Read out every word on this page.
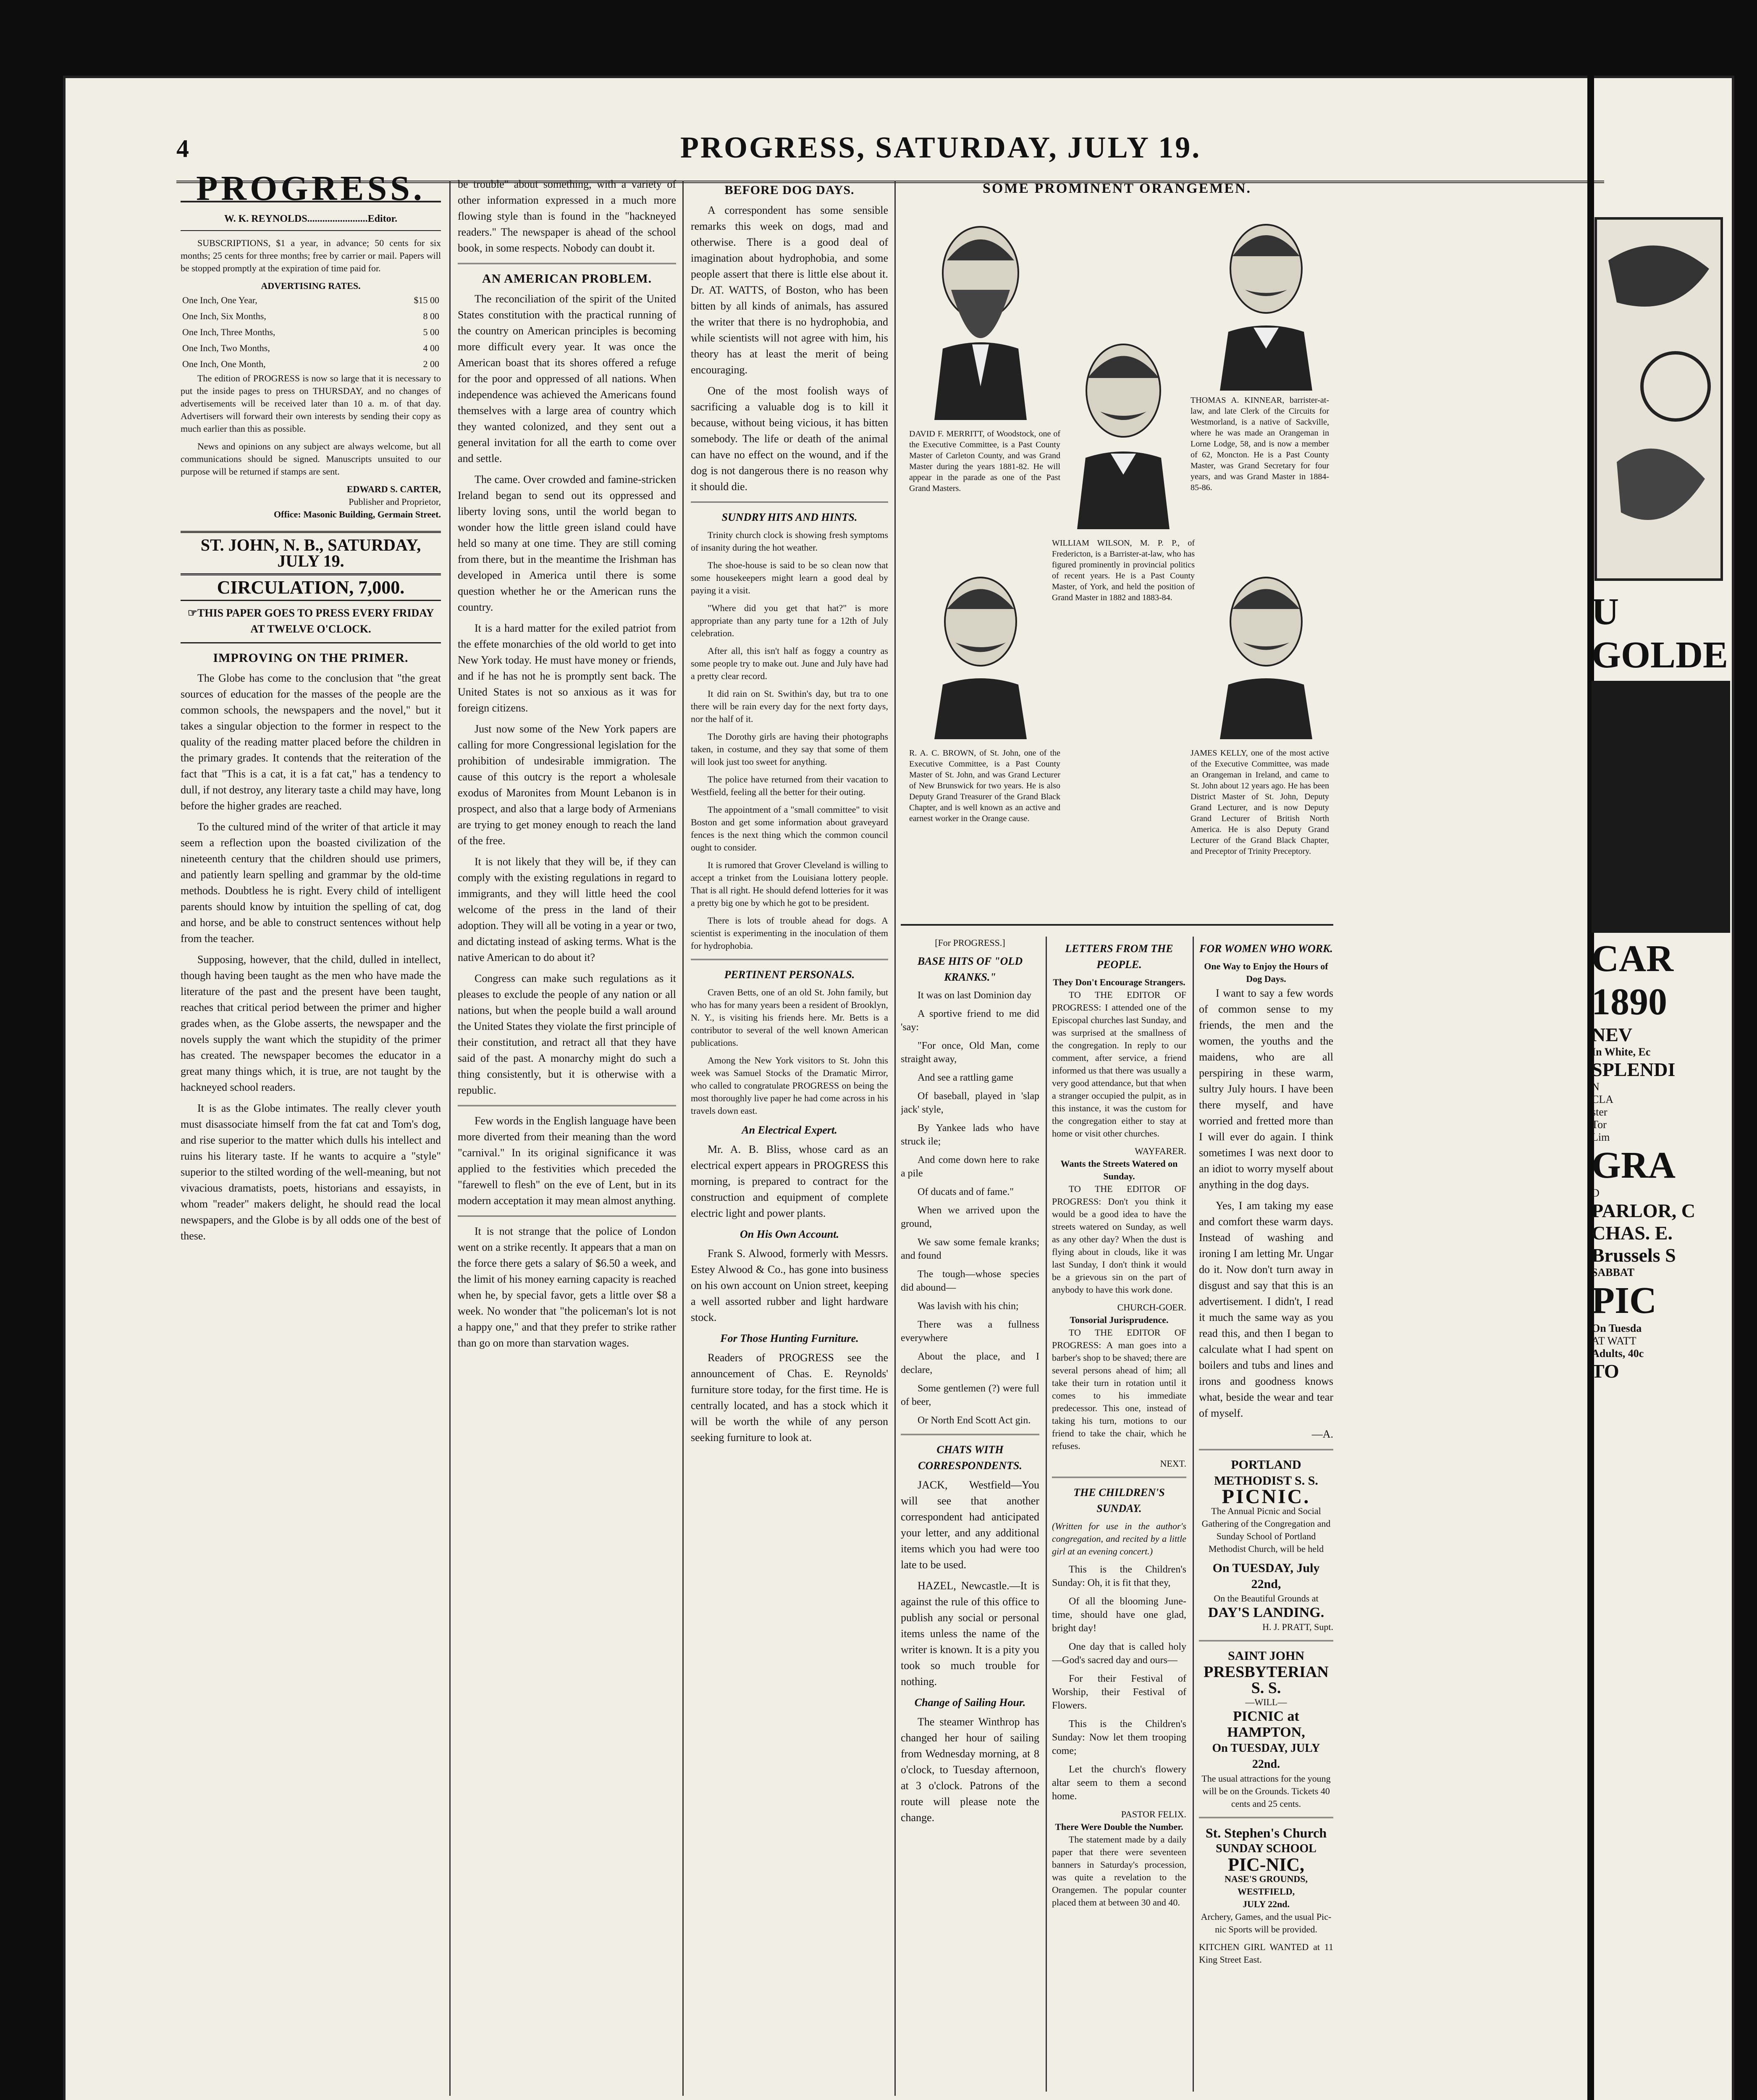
4	PROGRESS, SATURDAY, JULY 19.
PROGRESS.
W. K. REYNOLDS........................Editor.

SUBSCRIPTIONS, $1 a year, in advance; 50 cents for six months; 25 cents for three months; free by carrier or mail. Papers will be stopped promptly at the expiration of time paid for.

ADVERTISING RATES.
One Inch, One Year,	$15 00
One Inch, Six Months,	8 00
One Inch, Three Months,	5 00
One Inch, Two Months,	4 00
One Inch, One Month,	2 00

The edition of PROGRESS is now so large that it is necessary to put the inside pages to press on THURSDAY, and no changes of advertisements will be received later than 10 a. m. of that day. Advertisers will forward their own interests by sending their copy as much earlier than this as possible.

News and opinions on any subject are always welcome, but all communications should be signed. Manuscripts unsuited to our purpose will be returned if stamps are sent.

EDWARD S. CARTER,
Publisher and Proprietor,
Office: Masonic Building, Germain Street.
ST. JOHN, N. B., SATURDAY, JULY 19.
CIRCULATION, 7,000.
☞THIS PAPER GOES TO PRESS EVERY FRIDAY AT TWELVE O'CLOCK.
IMPROVING ON THE PRIMER.

The Globe has come to the conclusion that "the great sources of education for the masses of the people are the common schools, the newspapers and the novel," but it takes a singular objection to the former in respect to the quality of the reading matter placed before the children in the primary grades. It contends that the reiteration of the fact that "This is a cat, it is a fat cat," has a tendency to dull, if not destroy, any literary taste a child may have, long before the higher grades are reached.

To the cultured mind of the writer of that article it may seem a reflection upon the boasted civilization of the nineteenth century that the children should use primers, and patiently learn spelling and grammar by the old-time methods. Doubtless he is right. Every child of intelligent parents should know by intuition the spelling of cat, dog and horse, and be able to construct sentences without help from the teacher.

Supposing, however, that the child, dulled in intellect, though having been taught as the men who have made the literature of the past and the present have been taught, reaches that critical period between the primer and higher grades when, as the Globe asserts, the newspaper and the novels supply the want which the stupidity of the primer has created. The newspaper becomes the educator in a great many things which, it is true, are not taught by the hackneyed school readers.

It is as the Globe intimates. The really clever youth must disassociate himself from the fat cat and Tom's dog, and rise superior to the matter which dulls his intellect and ruins his literary taste. If he wants to acquire a "style" superior to the stilted wording of the well-meaning, but not vivacious dramatists, poets, historians and essayists, in whom "reader" makers delight, he should read the local newspapers, and the Globe is by all odds one of the best of these.

be trouble" about something, with a variety of other information expressed in a much more flowing style than is found in the "hackneyed readers." The newspaper is ahead of the school book, in some respects. Nobody can doubt it.

AN AMERICAN PROBLEM.

The reconciliation of the spirit of the United States constitution with the practical running of the country on American principles is becoming more difficult every year. It was once the American boast that its shores offered a refuge for the poor and oppressed of all nations. When independence was achieved the Americans found themselves with a large area of country which they wanted colonized, and they sent out a general invitation for all the earth to come over and settle.

The came. Over crowded and famine-stricken Ireland began to send out its oppressed and liberty loving sons, until the world began to wonder how the little green island could have held so many at one time. They are still coming from there, but in the meantime the Irishman has developed in America until there is some question whether he or the American runs the country.

It is a hard matter for the exiled patriot from the effete monarchies of the old world to get into New York today. He must have money or friends, and if he has not he is promptly sent back. The United States is not so anxious as it was for foreign citizens.

Just now some of the New York papers are calling for more Congressional legislation for the prohibition of undesirable immigration. The cause of this outcry is the report a wholesale exodus of Maronites from Mount Lebanon is in prospect, and also that a large body of Armenians are trying to get money enough to reach the land of the free.

It is not likely that they will be, if they can comply with the existing regulations in regard to immigrants, and they will little heed the cool welcome of the press in the land of their adoption. They will all be voting in a year or two, and dictating instead of asking terms. What is the native American to do about it?

Congress can make such regulations as it pleases to exclude the people of any nation or all nations, but when the people build a wall around the United States they violate the first principle of their constitution, and retract all that they have said of the past. A monarchy might do such a thing consistently, but it is otherwise with a republic.

Few words in the English language have been more diverted from their meaning than the word "carnival." In its original significance it was applied to the festivities which preceded the "farewell to flesh" on the eve of Lent, but in its modern acceptation it may mean almost anything.

It is not strange that the police of London went on a strike recently. It appears that a man on the force there gets a salary of $6.50 a week, and the limit of his money earning capacity is reached when he, by special favor, gets a little over $8 a week. No wonder that "the policeman's lot is not a happy one," and that they prefer to strike rather than go on more than starvation wages.

BEFORE DOG DAYS.

A correspondent has some sensible remarks this week on dogs, mad and otherwise. There is a good deal of imagination about hydrophobia, and some people assert that there is little else about it. Dr. AT. WATTS, of Boston, who has been bitten by all kinds of animals, has assured the writer that there is no hydrophobia, and while scientists will not agree with him, his theory has at least the merit of being encouraging.

One of the most foolish ways of sacrificing a valuable dog is to kill it because, without being vicious, it has bitten somebody. The life or death of the animal can have no effect on the wound, and if the dog is not dangerous there is no reason why it should die.

SUNDRY HITS AND HINTS.

Trinity church clock is showing fresh symptoms of insanity during the hot weather.

The shoe-house is said to be so clean now that some housekeepers might learn a good deal by paying it a visit.

"Where did you get that hat?" is more appropriate than any party tune for a 12th of July celebration.

After all, this isn't half as foggy a country as some people try to make out. June and July have had a pretty clear record.

It did rain on St. Swithin's day, but tra to one there will be rain every day for the next forty days, nor the half of it.

The Dorothy girls are having their photographs taken, in costume, and they say that some of them will look just too sweet for anything.

The police have returned from their vacation to Westfield, feeling all the better for their outing.

The appointment of a "small committee" to visit Boston and get some information about graveyard fences is the next thing which the common council ought to consider.

It is rumored that Grover Cleveland is willing to accept a trinket from the Louisiana lottery people. That is all right. He should defend lotteries for it was a pretty big one by which he got to be president.

There is lots of trouble ahead for dogs. A scientist is experimenting in the inoculation of them for hydrophobia.

PERTINENT PERSONALS.

Craven Betts, one of an old St. John family, but who has for many years been a resident of Brooklyn, N. Y., is visiting his friends here. Mr. Betts is a contributor to several of the well known American publications.

Among the New York visitors to St. John this week was Samuel Stocks of the Dramatic Mirror, who called to congratulate PROGRESS on being the most thoroughly live paper he had come across in his travels down east.

An Electrical Expert.

Mr. A. B. Bliss, whose card as an electrical expert appears in PROGRESS this morning, is prepared to contract for the construction and equipment of complete electric light and power plants.

On His Own Account.

Frank S. Alwood, formerly with Messrs. Estey Alwood & Co., has gone into business on his own account on Union street, keeping a well assorted rubber and light hardware stock.

For Those Hunting Furniture.

Readers of PROGRESS see the announcement of Chas. E. Reynolds' furniture store today, for the first time. He is centrally located, and has a stock which it will be worth the while of any person seeking furniture to look at.

SOME PROMINENT ORANGEMEN.
DAVID F. MERRITT, of Woodstock, one of the Executive Committee, is a Past County Master of Carleton County, and was Grand Master during the years 1881-82. He will appear in the parade as one of the Past Grand Masters.
THOMAS A. KINNEAR, barrister-at-law, and late Clerk of the Circuits for Westmorland, is a native of Sackville, where he was made an Orangeman in Lorne Lodge, 58, and is now a member of 62, Moncton. He is a Past County Master, was Grand Secretary for four years, and was Grand Master in 1884-85-86.
WILLIAM WILSON, M. P. P., of Fredericton, is a Barrister-at-law, who has figured prominently in provincial politics of recent years. He is a Past County Master, of York, and held the position of Grand Master in 1882 and 1883-84.
R. A. C. BROWN, of St. John, one of the Executive Committee, is a Past County Master of St. John, and was Grand Lecturer of New Brunswick for two years. He is also Deputy Grand Treasurer of the Grand Black Chapter, and is well known as an active and earnest worker in the Orange cause.
JAMES KELLY, one of the most active of the Executive Committee, was made an Orangeman in Ireland, and came to St. John about 12 years ago. He has been District Master of St. John, Deputy Grand Lecturer, and is now Deputy Grand Lecturer of British North America. He is also Deputy Grand Lecturer of the Grand Black Chapter, and Preceptor of Trinity Preceptory.
[For PROGRESS.]
BASE HITS OF "OLD KRANKS."

It was on last Dominion day

A sportive friend to me did 'say:

"For once, Old Man, come straight away,

And see a rattling game

Of baseball, played in 'slap jack' style,

By Yankee lads who have struck ile;

And come down here to rake a pile

Of ducats and of fame."

When we arrived upon the ground,

We saw some female kranks; and found

The tough—whose species did abound—

Was lavish with his chin;

There was a fullness everywhere

About the place, and I declare,

Some gentlemen (?) were full of beer,

Or North End Scott Act gin.

CHATS WITH CORRESPONDENTS.

JACK, Westfield—You will see that another correspondent had anticipated your letter, and any additional items which you had were too late to be used.

HAZEL, Newcastle.—It is against the rule of this office to publish any social or personal items unless the name of the writer is known. It is a pity you took so much trouble for nothing.

Change of Sailing Hour.

The steamer Winthrop has changed her hour of sailing from Wednesday morning, at 8 o'clock, to Tuesday afternoon, at 3 o'clock. Patrons of the route will please note the change.

LETTERS FROM THE PEOPLE.
They Don't Encourage Strangers.

TO THE EDITOR OF PROGRESS: I attended one of the Episcopal churches last Sunday, and was surprised at the smallness of the congregation. In reply to our comment, after service, a friend informed us that there was usually a very good attendance, but that when a stranger occupied the pulpit, as in this instance, it was the custom for the congregation either to stay at home or visit other churches.

WAYFARER.
Wants the Streets Watered on Sunday.

TO THE EDITOR OF PROGRESS: Don't you think it would be a good idea to have the streets watered on Sunday, as well as any other day? When the dust is flying about in clouds, like it was last Sunday, I don't think it would be a grievous sin on the part of anybody to have this work done.

CHURCH-GOER.
Tonsorial Jurisprudence.

TO THE EDITOR OF PROGRESS: A man goes into a barber's shop to be shaved; there are several persons ahead of him; all take their turn in rotation until it comes to his immediate predecessor. This one, instead of taking his turn, motions to our friend to take the chair, which he refuses.

NEXT.
THE CHILDREN'S SUNDAY.

(Written for use in the author's congregation, and recited by a little girl at an evening concert.)

This is the Children's Sunday: Oh, it is fit that they,

Of all the blooming June-time, should have one glad, bright day!

One day that is called holy—God's sacred day and ours—

For their Festival of Worship, their Festival of Flowers.

This is the Children's Sunday: Now let them trooping come;

Let the church's flowery altar seem to them a second home.

PASTOR FELIX.
There Were Double the Number.

The statement made by a daily paper that there were seventeen banners in Saturday's procession, was quite a revelation to the Orangemen. The popular counter placed them at between 30 and 40.

FOR WOMEN WHO WORK.
One Way to Enjoy the Hours of Dog Days.

I want to say a few words of common sense to my friends, the men and the women, the youths and the maidens, who are all perspiring in these warm, sultry July hours. I have been there myself, and have worried and fretted more than I will ever do again. I think sometimes I was next door to an idiot to worry myself about anything in the dog days.

Yes, I am taking my ease and comfort these warm days. Instead of washing and ironing I am letting Mr. Ungar do it. Now don't turn away in disgust and say that this is an advertisement. I didn't, I read it much the same way as you read this, and then I began to calculate what I had spent on boilers and tubs and lines and irons and goodness knows what, beside the wear and tear of myself.

—A.
PORTLAND METHODIST S. S.
PICNIC.

The Annual Picnic and Social Gathering of the Congregation and Sunday School of Portland Methodist Church, will be held

On TUESDAY, July 22nd,
On the Beautiful Grounds at
DAY'S LANDING.
H. J. PRATT, Supt.
SAINT JOHN
PRESBYTERIAN S. S.
—WILL—
PICNIC at HAMPTON,
On TUESDAY, JULY 22nd.

The usual attractions for the young will be on the Grounds. Tickets 40 cents and 25 cents.

St. Stephen's Church
SUNDAY SCHOOL
PIC-NIC,
NASE'S GROUNDS, WESTFIELD,
JULY 22nd.

Archery, Games, and the usual Pic-nic Sports will be provided.

KITCHEN GIRL WANTED at 11 King Street East.

U
GOLDE
CAR
1890
NEV
In White, Ec
SPLENDI
N
CLA
ster
Tor
Lim
GRA
D
PARLOR, C
CHAS. E.
Brussels S
SABBAT
PIC
On Tuesda
AT WATT
Adults, 40c
TO
